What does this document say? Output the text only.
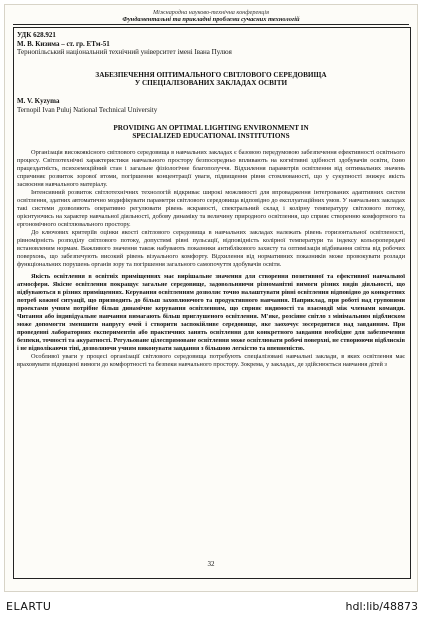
Міжнародна науково-технічна конференція
Фундаментальні та прикладні проблеми сучасних технологій
УДК 628.921
М. В. Кизима – ст. гр. ЕТм-51
Тернопільський національний технічний університет імені Івана Пулюя
ЗАБЕЗПЕЧЕННЯ ОПТИМАЛЬНОГО СВІТЛОВОГО СЕРЕДОВИЩА
У СПЕЦІАЛІЗОВАНИХ ЗАКЛАДАХ ОСВІТИ
M. V. Kyzyma
Ternopil Ivan Puluj National Technical University
PROVIDING AN OPTIMAL LIGHTING ENVIRONMENT IN
SPECIALIZED EDUCATIONAL INSTITUTIONS

Організація високоякісного світлового середовища в навчальних закладах є базовою передумовою забезпечення ефективності освітнього процесу. Світлотехнічні характеристики навчального простору безпосередньо впливають на когнітивні здібності здобувачів освіти, їхню працездатність, психоемоційний стан і загальне фізіологічне благополуччя. Відхилення параметрів освітлення від оптимальних значень спричиняє розвиток зорової втоми, погіршення концентрації уваги, підвищення рівня стомлюваності, що у сукупності знижує якість засвоєння навчального матеріалу.

Інтенсивний розвиток світлотехнічних технологій відкриває широкі можливості для впровадження інтегрованих адаптивних систем освітлення, здатних автоматично модифікувати параметри світлового середовища відповідно до експлуатаційних умов. У навчальних закладах такі системи дозволяють оперативно регулювати рівень яскравості, спектральний склад і колірну температуру світлового потоку, орієнтуючись на характер навчальної діяльності, добову динаміку та величину природного освітлення, що сприяє створенню комфортного та ергономічного освітлювального простору.

До ключових критеріїв оцінки якості світлового середовища в навчальних закладах належать рівень горизонтальної освітленості, рівномірність розподілу світлового потоку, допустимі рівні пульсації, відповідність колірної температури та індексу кольоропередачі встановленим нормам. Важливого значення також набувають показники антиблікового захисту та оптимізація відбивання світла від робочих поверхонь, що забезпечують високий рівень візуального комфорту. Відхилення від нормативних показників може провокувати розлади функціональних порушень органів зору та погіршення загального самопочуття здобувачів освіти.

Якість освітлення в освітніх приміщеннях має вирішальне значення для створення позитивної та ефективної навчальної атмосфери. Якісне освітлення покращує загальне середовище, задовольняючи різноманітні вимоги різних видів діяльності, що відбуваються в різних приміщеннях. Керування освітленням дозволяє точно налаштувати рівні освітлення відповідно до конкретних потреб кожної ситуації, що призводить до більш захоплюючого та продуктивного навчання. Наприклад, при роботі над груповими проектами учням потрібне більш динамічне керування освітленням, що сприяє видимості та взаємодії між членами команди. Читання або індивідуальне навчання вимагають більш приглушеного освітлення. М'яке, розсіяне світло з мінімальним відблиском може допомогти зменшити напругу очей і створити заспокійливе середовище, яке заохочує зосередитися над завданням. При проведенні лабораторних експериментів або практичних занять освітлення для конкретного завдання необхідне для забезпечення безпеки, точності та акуратності. Регульоване цілеспрямоване освітлення може освітлювати робочі поверхні, не створюючи відблисків і не відволікаючи тіні, дозволяючи учням виконувати завдання з більшою легкістю та впевненістю.

Особливої уваги у процесі організації світлового середовища потребують спеціалізовані навчальні заклади, в яких освітлення має враховувати підвищені вимоги до комфортності та безпеки навчального простору. Зокрема, у закладах, де здійснюється навчання дітей з

32
ELARTU	hdl:lib/48873
